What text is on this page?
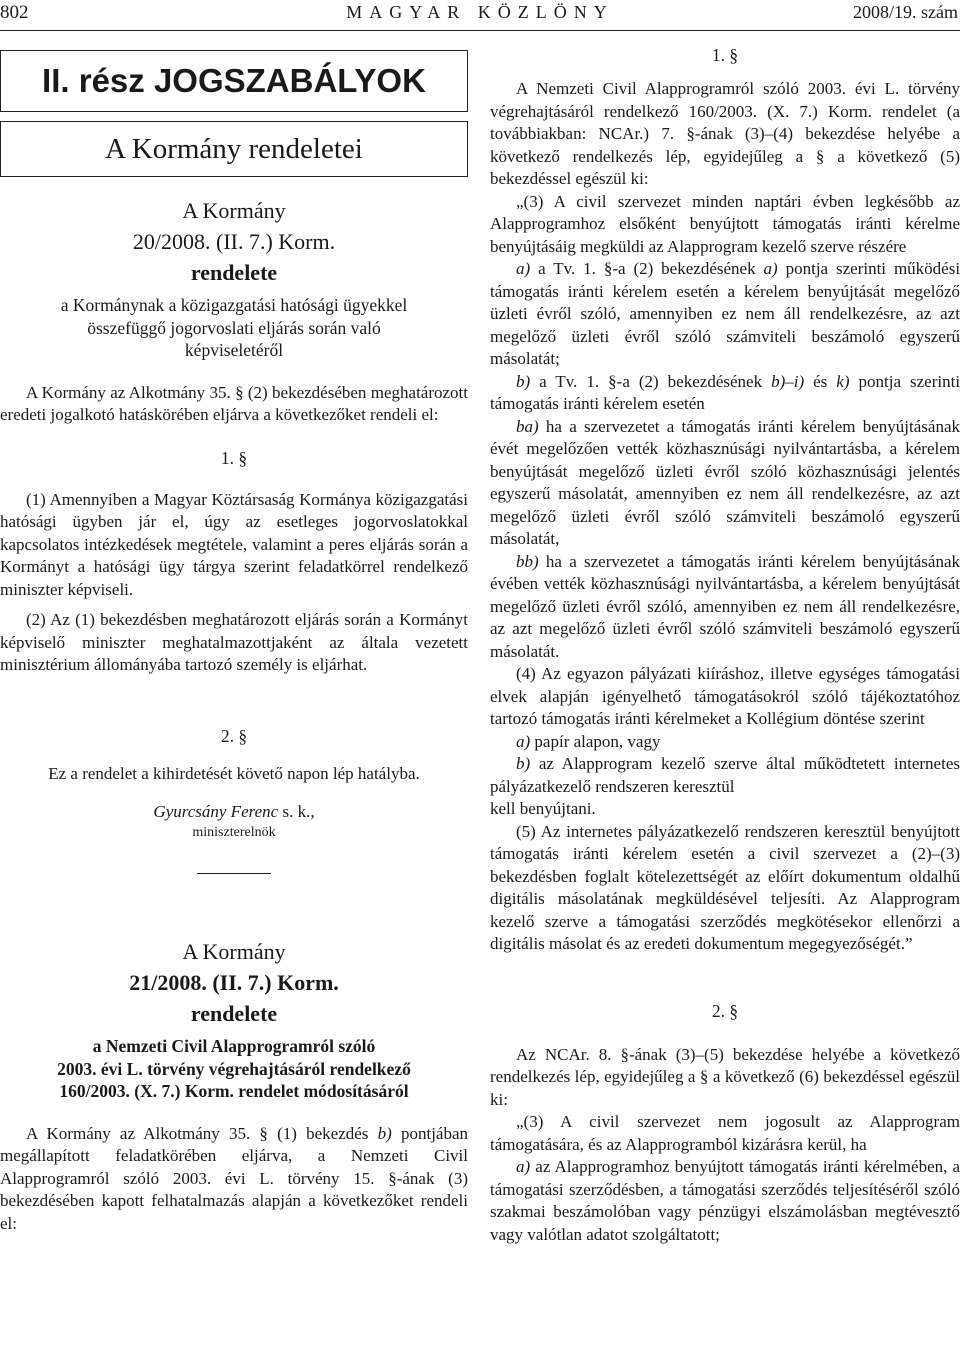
802	MAGYAR KÖZLÖNY	2008/19. szám
II. rész JOGSZABÁLYOK
A Kormány rendeletei
A Kormány
20/2008. (II. 7.) Korm.
rendelete
a Kormánynak a közigazgatási hatósági ügyekkel
összefüggő jogorvoslati eljárás során való
képviseletéről

A Kormány az Alkotmány 35. § (2) bekezdésében meghatározott eredeti jogalkotó hatáskörében eljárva a következőket rendeli el:

1. §

(1) Amennyiben a Magyar Köztársaság Kormánya közigazgatási hatósági ügyben jár el, úgy az esetleges jogorvoslatokkal kapcsolatos intézkedések megtétele, valamint a peres eljárás során a Kormányt a hatósági ügy tárgya szerint feladatkörrel rendelkező miniszter képviseli.

(2) Az (1) bekezdésben meghatározott eljárás során a Kormányt képviselő miniszter meghatalmazottjaként az általa vezetett minisztérium állományába tartozó személy is eljárhat.

2. §

Ez a rendelet a kihirdetését követő napon lép hatályba.

Gyurcsány Ferenc s. k.,
miniszterelnök
A Kormány
21/2008. (II. 7.) Korm.
rendelete
a Nemzeti Civil Alapprogramról szóló
2003. évi L. törvény végrehajtásáról rendelkező
160/2003. (X. 7.) Korm. rendelet módosításáról

A Kormány az Alkotmány 35. § (1) bekezdés b) pontjában megállapított feladatkörében eljárva, a Nemzeti Civil Alapprogramról szóló 2003. évi L. törvény 15. §-ának (3) bekezdésében kapott felhatalmazás alapján a következőket rendeli el:

1. §

A Nemzeti Civil Alapprogramról szóló 2003. évi L. törvény végrehajtásáról rendelkező 160/2003. (X. 7.) Korm. rendelet (a továbbiakban: NCAr.) 7. §-ának (3)–(4) bekezdése helyébe a következő rendelkezés lép, egyidejűleg a § a következő (5) bekezdéssel egészül ki:

„(3) A civil szervezet minden naptári évben legkésőbb az Alapprogramhoz elsőként benyújtott támogatás iránti kérelme benyújtásáig megküldi az Alapprogram kezelő szerve részére

a) a Tv. 1. §-a (2) bekezdésének a) pontja szerinti működési támogatás iránti kérelem esetén a kérelem benyújtását megelőző üzleti évről szóló, amennyiben ez nem áll rendelkezésre, az azt megelőző üzleti évről szóló számviteli beszámoló egyszerű másolatát;

b) a Tv. 1. §-a (2) bekezdésének b)–i) és k) pontja szerinti támogatás iránti kérelem esetén

ba) ha a szervezetet a támogatás iránti kérelem benyújtásának évét megelőzően vették közhasznúsági nyilvántartásba, a kérelem benyújtását megelőző üzleti évről szóló közhasznúsági jelentés egyszerű másolatát, amennyiben ez nem áll rendelkezésre, az azt megelőző üzleti évről szóló számviteli beszámoló egyszerű másolatát,

bb) ha a szervezetet a támogatás iránti kérelem benyújtásának évében vették közhasznúsági nyilvántartásba, a kérelem benyújtását megelőző üzleti évről szóló, amennyiben ez nem áll rendelkezésre, az azt megelőző üzleti évről szóló számviteli beszámoló egyszerű másolatát.

(4) Az egyazon pályázati kiíráshoz, illetve egységes támogatási elvek alapján igényelhető támogatásokról szóló tájékoztatóhoz tartozó támogatás iránti kérelmeket a Kollégium döntése szerint

a) papír alapon, vagy

b) az Alapprogram kezelő szerve által működtetett internetes pályázatkezelő rendszeren keresztül

kell benyújtani.

(5) Az internetes pályázatkezelő rendszeren keresztül benyújtott támogatás iránti kérelem esetén a civil szervezet a (2)–(3) bekezdésben foglalt kötelezettségét az előírt dokumentum oldalhű digitális másolatának megküldésével teljesíti. Az Alapprogram kezelő szerve a támogatási szerződés megkötésekor ellenőrzi a digitális másolat és az eredeti dokumentum megegyezőségét.”

2. §

Az NCAr. 8. §-ának (3)–(5) bekezdése helyébe a következő rendelkezés lép, egyidejűleg a § a következő (6) bekezdéssel egészül ki:

„(3) A civil szervezet nem jogosult az Alapprogram támogatására, és az Alapprogramból kizárásra kerül, ha

a) az Alapprogramhoz benyújtott támogatás iránti kérelmében, a támogatási szerződésben, a támogatási szerződés teljesítéséről szóló szakmai beszámolóban vagy pénzügyi elszámolásban megtévesztő vagy valótlan adatot szolgáltatott;
